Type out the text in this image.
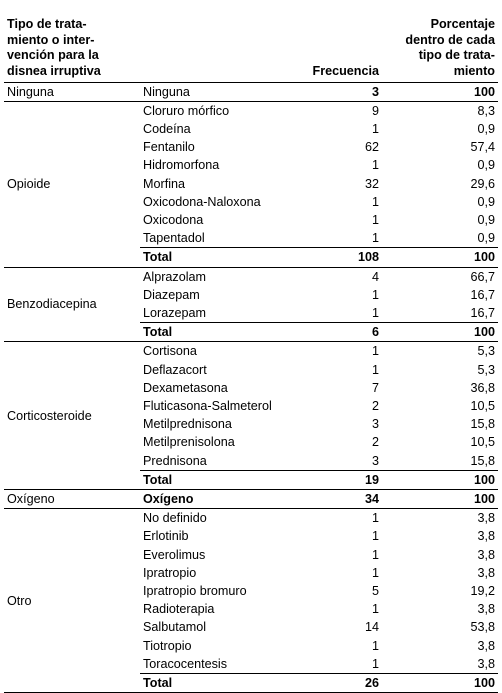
Tipo de trata-
miento o inter-
vención para la
disnea irruptiva		Frecuencia	Porcentaje
dentro de cada
tipo de trata-
miento
Ninguna	Ninguna	3	100
Opioide	Cloruro mórfico	9	8,3
	Codeína	1	0,9
	Fentanilo	62	57,4
	Hidromorfona	1	0,9
	Morfina	32	29,6
	Oxicodona-Naloxona	1	0,9
	Oxicodona	1	0,9
	Tapentadol	1	0,9
	Total	108	100
Benzodiacepina	Alprazolam	4	66,7
	Diazepam	1	16,7
	Lorazepam	1	16,7
	Total	6	100
Corticosteroide	Cortisona	1	5,3
	Deflazacort	1	5,3
	Dexametasona	7	36,8
	Fluticasona-Salmeterol	2	10,5
	Metilprednisona	3	15,8
	Metilprenisolona	2	10,5
	Prednisona	3	15,8
	Total	19	100
Oxígeno	Oxígeno	34	100
Otro	No definido	1	3,8
	Erlotinib	1	3,8
	Everolimus	1	3,8
	Ipratropio	1	3,8
	Ipratropio bromuro	5	19,2
	Radioterapia	1	3,8
	Salbutamol	14	53,8
	Tiotropio	1	3,8
	Toracocentesis	1	3,8
	Total	26	100
